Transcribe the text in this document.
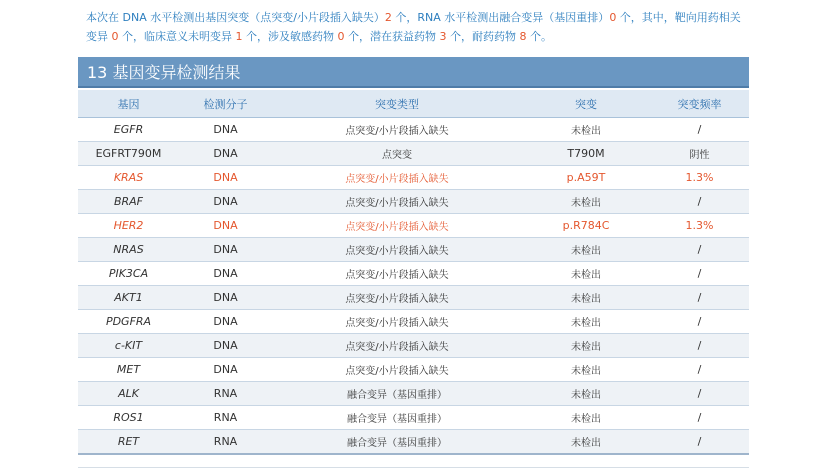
本次在 DNA 水平检测出基因突变（点突变/小片段插入缺失）2 个，RNA 水平检测出融合变异（基因重排）0 个，其中，靶向用药相关
变异 0 个，临床意义未明变异 1 个，涉及敏感药物 0 个，潜在获益药物 3 个，耐药药物 8 个。
13 基因变异检测结果
基因	检测分子	突变类型	突变	突变频率
EGFR	DNA	点突变/小片段插入缺失	未检出	/
EGFRT790M	DNA	点突变	T790M	阴性
KRAS	DNA	点突变/小片段插入缺失	p.A59T	1.3%
BRAF	DNA	点突变/小片段插入缺失	未检出	/
HER2	DNA	点突变/小片段插入缺失	p.R784C	1.3%
NRAS	DNA	点突变/小片段插入缺失	未检出	/
PIK3CA	DNA	点突变/小片段插入缺失	未检出	/
AKT1	DNA	点突变/小片段插入缺失	未检出	/
PDGFRA	DNA	点突变/小片段插入缺失	未检出	/
c-KIT	DNA	点突变/小片段插入缺失	未检出	/
MET	DNA	点突变/小片段插入缺失	未检出	/
ALK	RNA	融合变异（基因重排）	未检出	/
ROS1	RNA	融合变异（基因重排）	未检出	/
RET	RNA	融合变异（基因重排）	未检出	/
